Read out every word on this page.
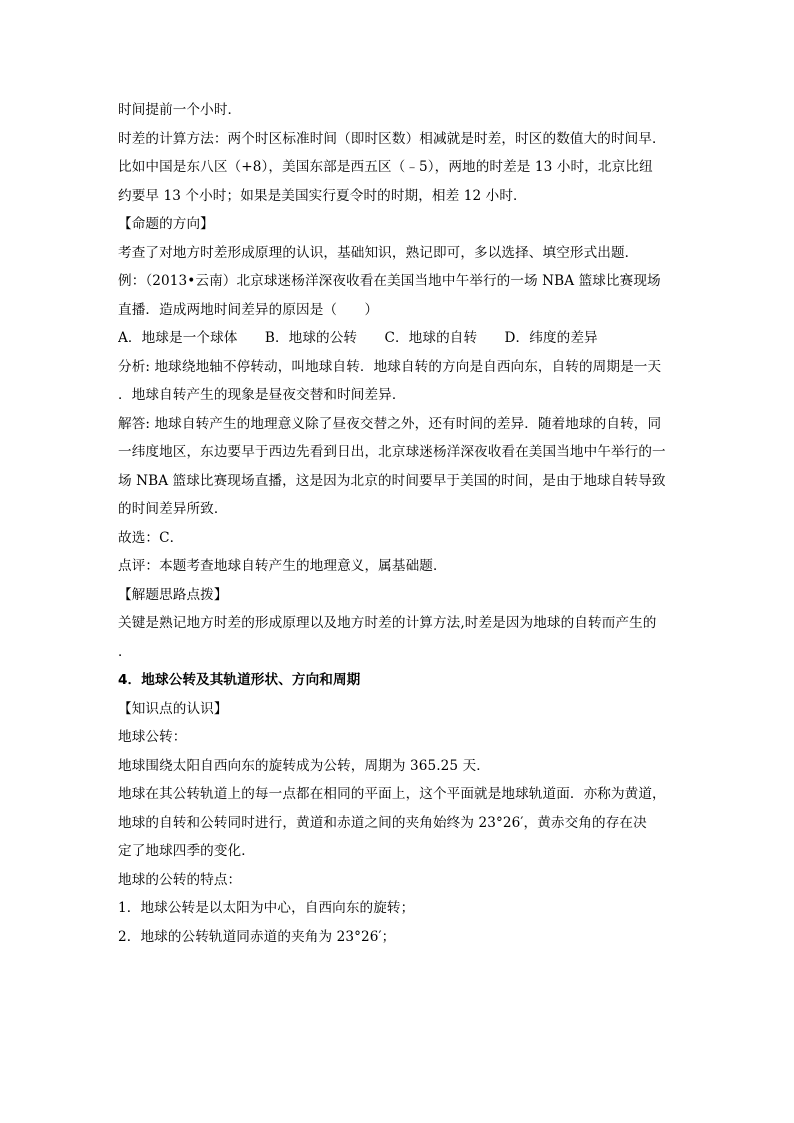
时间提前一个小时．
时差的计算方法：两个时区标准时间（即时区数）相减就是时差，时区的数值大的时间早．
比如中国是东八区（+8），美国东部是西五区（﹣5），两地的时差是 13 小时，北京比纽
约要早 13 个小时；如果是美国实行夏令时的时期，相差 12 小时．
【命题的方向】
考查了对地方时差形成原理的认识，基础知识，熟记即可，多以选择、填空形式出题．
例：（2013•云南）北京球迷杨洋深夜收看在美国当地中午举行的一场 NBA 篮球比赛现场
直播．造成两地时间差异的原因是（　　）
A．地球是一个球体　　B．地球的公转　　C．地球的自转　　D．纬度的差异
分析: 地球绕地轴不停转动，叫地球自转．地球自转的方向是自西向东，自转的周期是一天
．地球自转产生的现象是昼夜交替和时间差异．
解答: 地球自转产生的地理意义除了昼夜交替之外，还有时间的差异．随着地球的自转，同
一纬度地区，东边要早于西边先看到日出，北京球迷杨洋深夜收看在美国当地中午举行的一
场 NBA 篮球比赛现场直播，这是因为北京的时间要早于美国的时间，是由于地球自转导致
的时间差异所致．
故选：C．
点评：本题考查地球自转产生的地理意义，属基础题．
【解题思路点拨】
关键是熟记地方时差的形成原理以及地方时差的计算方法,时差是因为地球的自转而产生的
．
4．地球公转及其轨道形状、方向和周期
【知识点的认识】
地球公转：
地球围绕太阳自西向东的旋转成为公转，周期为 365.25 天．
地球在其公转轨道上的每一点都在相同的平面上，这个平面就是地球轨道面．亦称为黄道，
地球的自转和公转同时进行，黄道和赤道之间的夹角始终为 23°26′，黄赤交角的存在决
定了地球四季的变化．
地球的公转的特点：
1．地球公转是以太阳为中心，自西向东的旋转；
2．地球的公转轨道同赤道的夹角为 23°26′；
